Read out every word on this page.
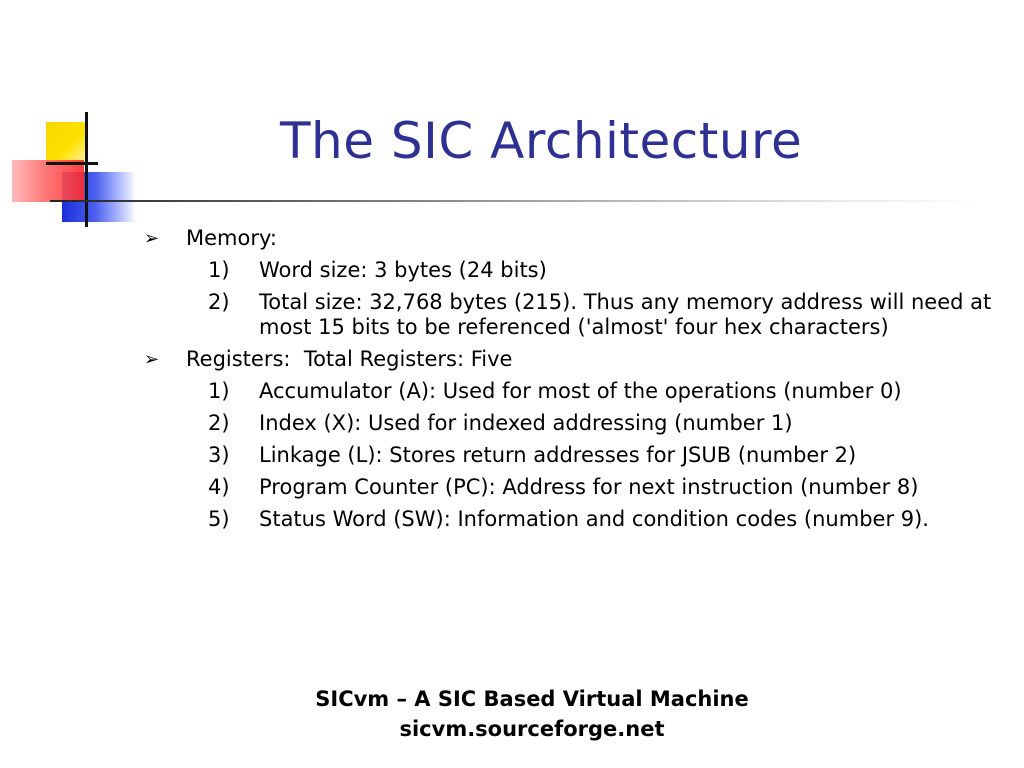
The SIC Architecture
➢ Memory:
1) Word size: 3 bytes (24 bits)
2) Total size: 32,768 bytes (215). Thus any memory address will need at most 15 bits to be referenced ('almost' four hex characters)
➢ Registers:  Total Registers: Five
1) Accumulator (A): Used for most of the operations (number 0)
2) Index (X): Used for indexed addressing (number 1)
3) Linkage (L): Stores return addresses for JSUB (number 2)
4) Program Counter (PC): Address for next instruction (number 8)
5) Status Word (SW): Information and condition codes (number 9).
SICvm – A SIC Based Virtual Machine
sicvm.sourceforge.net
